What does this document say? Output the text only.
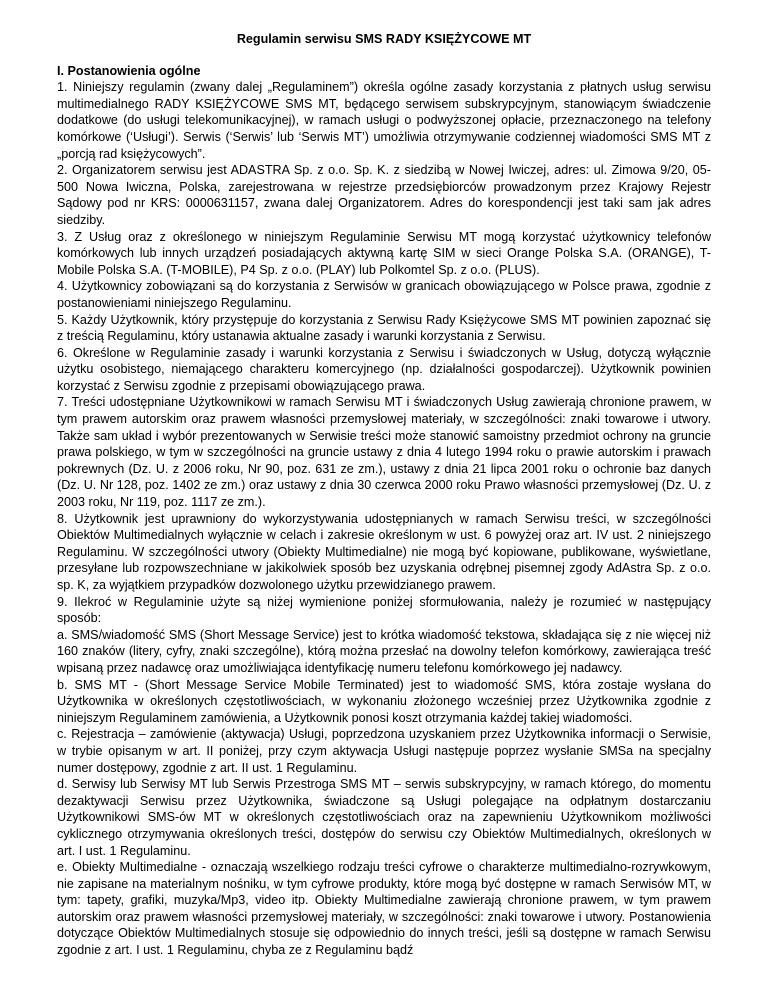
Regulamin serwisu SMS RADY KSIĘŻYCOWE MT
I. Postanowienia ogólne

1. Niniejszy regulamin (zwany dalej „Regulaminem”) określa ogólne zasady korzystania z płatnych usług serwisu multimedialnego RADY KSIĘŻYCOWE SMS MT, będącego serwisem subskrypcyjnym, stanowiącym świadczenie dodatkowe (do usługi telekomunikacyjnej), w ramach usługi o podwyższonej opłacie, przeznaczonego na telefony komórkowe (‘Usługi’). Serwis (‘Serwis’ lub ‘Serwis MT’) umożliwia otrzymywanie codziennej wiadomości SMS MT z „porcją rad księżycowych”.

2. Organizatorem serwisu jest ADASTRA Sp. z o.o. Sp. K. z siedzibą w Nowej Iwiczej, adres: ul. Zimowa 9/20, 05-500 Nowa Iwiczna, Polska, zarejestrowana w rejestrze przedsiębiorców prowadzonym przez Krajowy Rejestr Sądowy pod nr KRS: 0000631157, zwana dalej Organizatorem. Adres do korespondencji jest taki sam jak adres siedziby.

3. Z Usług oraz z określonego w niniejszym Regulaminie Serwisu MT mogą korzystać użytkownicy telefonów komórkowych lub innych urządzeń posiadających aktywną kartę SIM w sieci Orange Polska S.A. (ORANGE), T-Mobile Polska S.A. (T-MOBILE), P4 Sp. z o.o. (PLAY) lub Polkomtel Sp. z o.o. (PLUS).

4. Użytkownicy zobowiązani są do korzystania z Serwisów w granicach obowiązującego w Polsce prawa, zgodnie z postanowieniami niniejszego Regulaminu.

5. Każdy Użytkownik, który przystępuje do korzystania z Serwisu Rady Księżycowe SMS MT powinien zapoznać się z treścią Regulaminu, który ustanawia aktualne zasady i warunki korzystania z Serwisu.

6. Określone w Regulaminie zasady i warunki korzystania z Serwisu i świadczonych w Usług, dotyczą wyłącznie użytku osobistego, niemającego charakteru komercyjnego (np. działalności gospodarczej). Użytkownik powinien korzystać z Serwisu zgodnie z przepisami obowiązującego prawa.

7. Treści udostępniane Użytkownikowi w ramach Serwisu MT i świadczonych Usług zawierają chronione prawem, w tym prawem autorskim oraz prawem własności przemysłowej materiały, w szczególności: znaki towarowe i utwory. Także sam układ i wybór prezentowanych w Serwisie treści może stanowić samoistny przedmiot ochrony na gruncie prawa polskiego, w tym w szczególności na gruncie ustawy z dnia 4 lutego 1994 roku o prawie autorskim i prawach pokrewnych (Dz. U. z 2006 roku, Nr 90, poz. 631 ze zm.), ustawy z dnia 21 lipca 2001 roku o ochronie baz danych (Dz. U. Nr 128, poz. 1402 ze zm.) oraz ustawy z dnia 30 czerwca 2000 roku Prawo własności przemysłowej (Dz. U. z 2003 roku, Nr 119, poz. 1117 ze zm.).

8. Użytkownik jest uprawniony do wykorzystywania udostępnianych w ramach Serwisu treści, w szczególności Obiektów Multimedialnych wyłącznie w celach i zakresie określonym w ust. 6 powyżej oraz art. IV ust. 2 niniejszego Regulaminu. W szczególności utwory (Obiekty Multimedialne) nie mogą być kopiowane, publikowane, wyświetlane, przesyłane lub rozpowszechniane w jakikolwiek sposób bez uzyskania odrębnej pisemnej zgody AdAstra Sp. z o.o. sp. K, za wyjątkiem przypadków dozwolonego użytku przewidzianego prawem.

9. Ilekroć w Regulaminie użyte są niżej wymienione poniżej sformułowania, należy je rozumieć w następujący sposób:

a. SMS/wiadomość SMS (Short Message Service) jest to krótka wiadomość tekstowa, składająca się z nie więcej niż 160 znaków (litery, cyfry, znaki szczególne), którą można przesłać na dowolny telefon komórkowy, zawierająca treść wpisaną przez nadawcę oraz umożliwiająca identyfikację numeru telefonu komórkowego jej nadawcy.

b. SMS MT - (Short Message Service Mobile Terminated) jest to wiadomość SMS, która zostaje wysłana do Użytkownika w określonych częstotliwościach, w wykonaniu złożonego wcześniej przez Użytkownika zgodnie z niniejszym Regulaminem zamówienia, a Użytkownik ponosi koszt otrzymania każdej takiej wiadomości.

c. Rejestracja – zamówienie (aktywacja) Usługi, poprzedzona uzyskaniem przez Użytkownika informacji o Serwisie, w trybie opisanym w art. II poniżej, przy czym aktywacja Usługi następuje poprzez wysłanie SMSa na specjalny numer dostępowy, zgodnie z art. II ust. 1 Regulaminu.

d. Serwisy lub Serwisy MT lub Serwis Przestroga SMS MT – serwis subskrypcyjny, w ramach którego, do momentu dezaktywacji Serwisu przez Użytkownika, świadczone są Usługi polegające na odpłatnym dostarczaniu Użytkownikowi SMS-ów MT w określonych częstotliwościach oraz na zapewnieniu Użytkownikom możliwości cyklicznego otrzymywania określonych treści, dostępów do serwisu czy Obiektów Multimedialnych, określonych w art. I ust. 1 Regulaminu.

e. Obiekty Multimedialne - oznaczają wszelkiego rodzaju treści cyfrowe o charakterze multimedialno-rozrywkowym, nie zapisane na materialnym nośniku, w tym cyfrowe produkty, które mogą być dostępne w ramach Serwisów MT, w tym: tapety, grafiki, muzyka/Mp3, video itp. Obiekty Multimedialne zawierają chronione prawem, w tym prawem autorskim oraz prawem własności przemysłowej materiały, w szczególności: znaki towarowe i utwory. Postanowienia dotyczące Obiektów Multimedialnych stosuje się odpowiednio do innych treści, jeśli są dostępne w ramach Serwisu zgodnie z art. I ust. 1 Regulaminu, chyba ze z Regulaminu bądź
